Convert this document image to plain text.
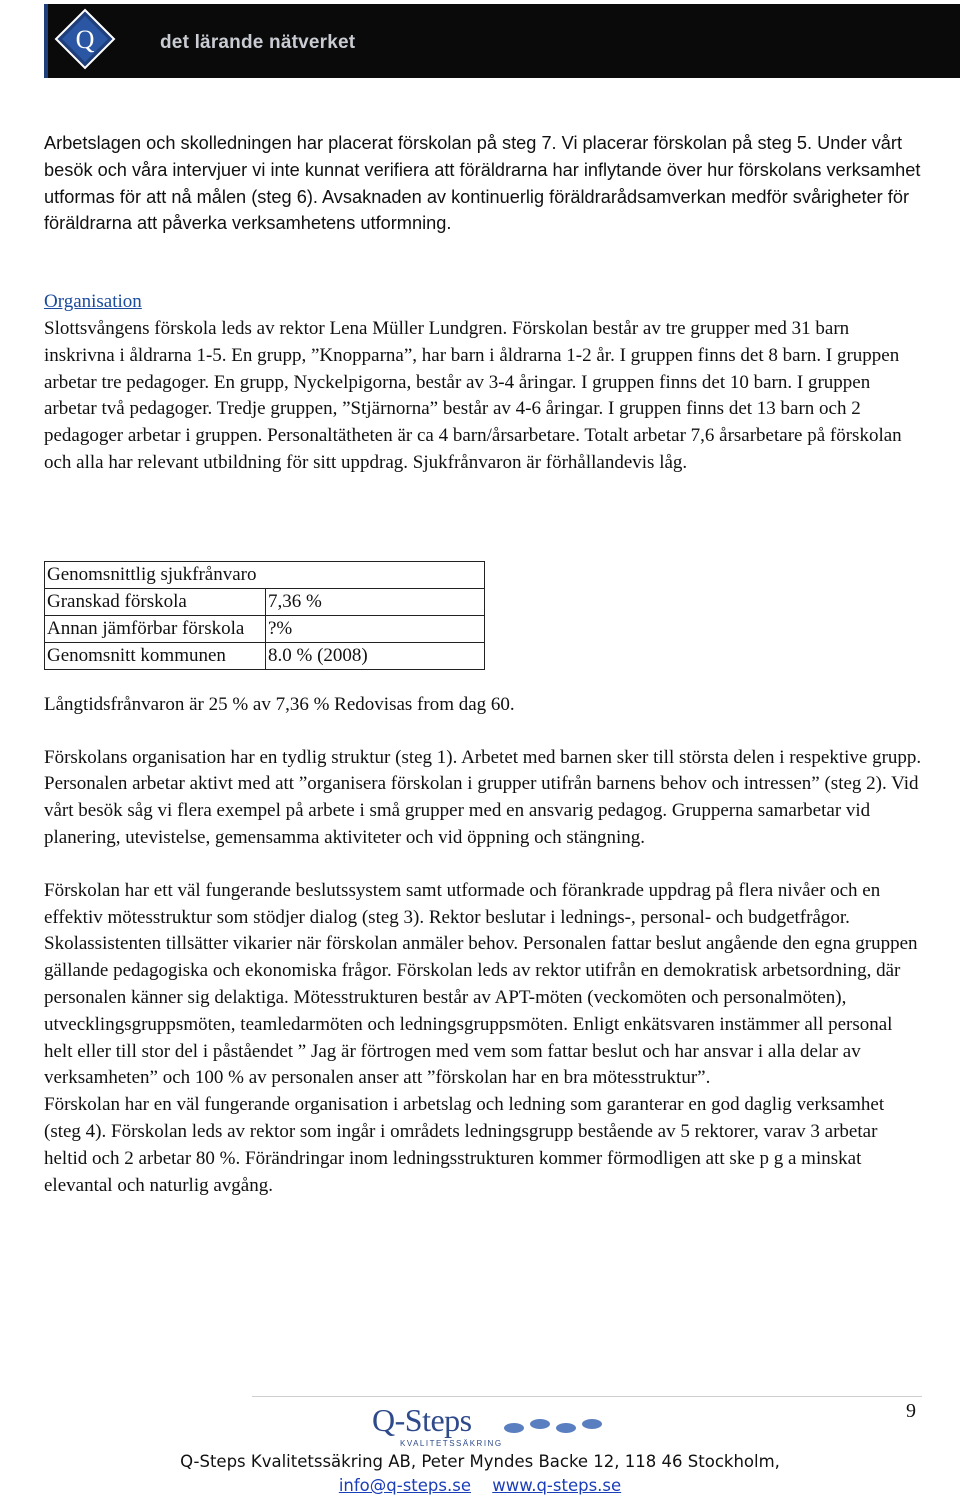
Q	det lärande nätverket

Arbetslagen och skolledningen har placerat förskolan på steg 7. Vi placerar förskolan på steg 5. Under vårt besök och våra intervjuer vi inte kunnat verifiera att föräldrarna har inflytande över hur förskolans verksamhet utformas för att nå målen (steg 6). Avsaknaden av kontinuerlig föräldrarådsamverkan medför svårigheter för föräldrarna att påverka verksamhetens utformning.

Organisation

Slottsvångens förskola leds av rektor Lena Müller Lundgren. Förskolan består av tre grupper med 31 barn inskrivna i åldrarna 1-5. En grupp, ”Knopparna”, har barn i åldrarna 1-2 år. I gruppen finns det 8 barn. I gruppen arbetar tre pedagoger. En grupp, Nyckelpigorna, består av 3-4 åringar. I gruppen finns det 10 barn. I gruppen arbetar två pedagoger. Tredje gruppen, ”Stjärnorna” består av 4-6 åringar. I gruppen finns det 13 barn och 2 pedagoger arbetar i gruppen. Personaltätheten är ca 4 barn/årsarbetare. Totalt arbetar 7,6 årsarbetare på förskolan och alla har relevant utbildning för sitt uppdrag. Sjukfrånvaron är förhållandevis låg.

Genomsnittlig sjukfrånvaro	
Granskad förskola	7,36 %
Annan jämförbar förskola	?%
Genomsnitt kommunen	8.0 % (2008)

Långtidsfrånvaron är 25 % av 7,36 % Redovisas from dag 60.

Förskolans organisation har en tydlig struktur (steg 1). Arbetet med barnen sker till största delen i respektive grupp. Personalen arbetar aktivt med att ”organisera förskolan i grupper utifrån barnens behov och intressen” (steg 2). Vid vårt besök såg vi flera exempel på arbete i små grupper med en ansvarig pedagog. Grupperna samarbetar vid planering, utevistelse, gemensamma aktiviteter och vid öppning och stängning.

Förskolan har ett väl fungerande beslutssystem samt utformade och förankrade uppdrag på flera nivåer och en effektiv mötesstruktur som stödjer dialog (steg 3). Rektor beslutar i lednings-, personal- och budgetfrågor. Skolassistenten tillsätter vikarier när förskolan anmäler behov. Personalen fattar beslut angående den egna gruppen gällande pedagogiska och ekonomiska frågor. Förskolan leds av rektor utifrån en demokratisk arbetsordning, där personalen känner sig delaktiga. Mötesstrukturen består av APT-möten (veckomöten och personalmöten), utvecklingsgruppsmöten, teamledarmöten och ledningsgruppsmöten. Enligt enkätsvaren instämmer all personal helt eller till stor del i påståendet ” Jag är förtrogen med vem som fattar beslut och har ansvar i alla delar av verksamheten” och 100 % av personalen anser att ”förskolan har en bra mötesstruktur”.

Förskolan har en väl fungerande organisation i arbetslag och ledning som garanterar en god daglig verksamhet (steg 4). Förskolan leds av rektor som ingår i områdets ledningsgrupp bestående av 5 rektorer, varav 3 arbetar heltid och 2 arbetar 80 %. Förändringar inom ledningsstrukturen kommer förmodligen att ske p g a minskat elevantal och naturlig avgång.

9
Q-Steps
KVALITETSSÄKRING
Q-Steps Kvalitetssäkring AB, Peter Myndes Backe 12, 118 46 Stockholm,
info@q-steps.se www.q-steps.se
